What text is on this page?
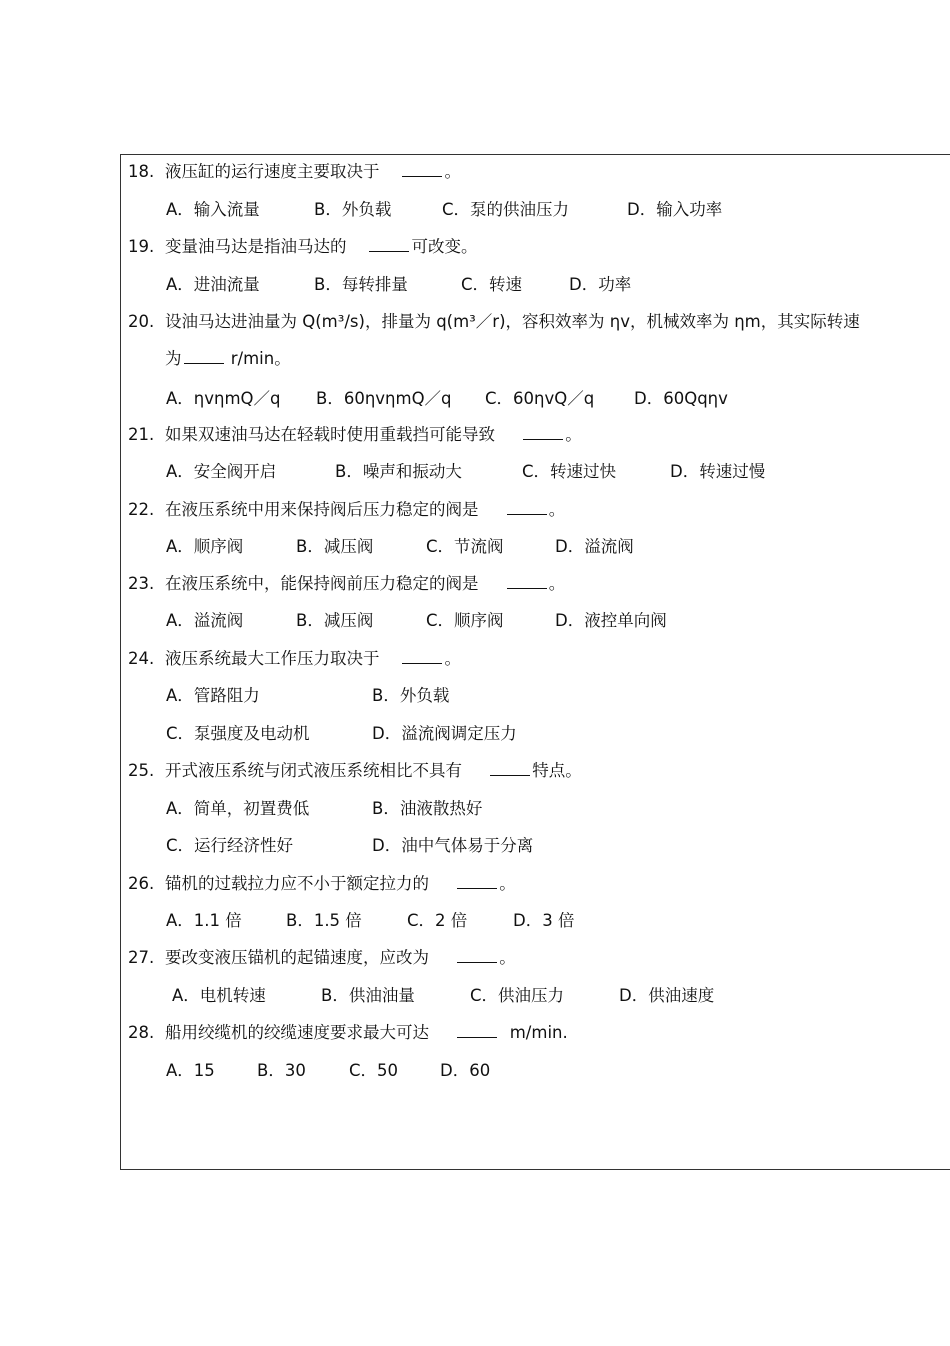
18. 液压缸的运行速度主要取决于	。
A．输入流量	B．外负载	C．泵的供油压力	D．输入功率
19. 变量油马达是指油马达的	可改变。
A．进油流量	B．每转排量	C．转速	D．功率
20. 设油马达进油量为 Q(m³/s)，排量为 q(m³／r)，容积效率为 ηv，机械效率为 ηm，其实际转速
为	r/min。
A．ηvηmQ／q B．60ηvηmQ／q C．60ηvQ／q D．60Qqηv
21. 如果双速油马达在轻载时使用重载挡可能导致	。
A．安全阀开启	B．噪声和振动大	C．转速过快	D．转速过慢
22. 在液压系统中用来保持阀后压力稳定的阀是	。
A．顺序阀	B．减压阀	C．节流阀	D．溢流阀
23. 在液压系统中，能保持阀前压力稳定的阀是	。
A．溢流阀	B．减压阀	C．顺序阀	D．液控单向阀
24. 液压系统最大工作压力取决于	。
A．管路阻力	B．外负载
C．泵强度及电动机	D．溢流阀调定压力
25. 开式液压系统与闭式液压系统相比不具有	特点。
A．简单，初置费低	B．油液散热好
C．运行经济性好	D．油中气体易于分离
26. 锚机的过载拉力应不小于额定拉力的	。
A．1.1 倍	B．1.5 倍	C．2 倍	D．3 倍
27. 要改变液压锚机的起锚速度，应改为	。
A．电机转速	B．供油油量	C．供油压力	D．供油速度
28. 船用绞缆机的绞缆速度要求最大可达	m/min.
A．15	B．30	C．50	D．60
